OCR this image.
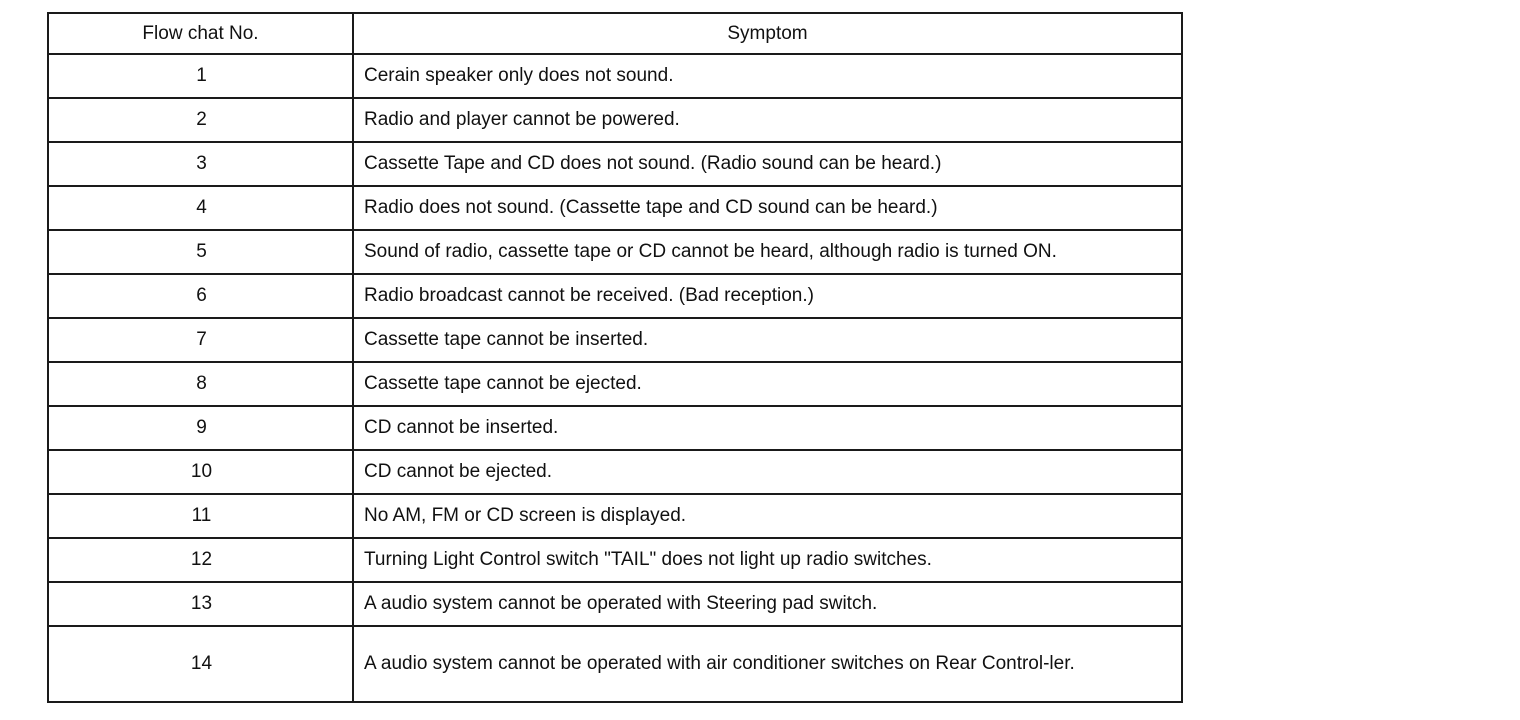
Flow chat No.	Symptom
1	Cerain speaker only does not sound.
2	Radio and player cannot be powered.
3	Cassette Tape and CD does not sound. (Radio sound can be heard.)
4	Radio does not sound. (Cassette tape and CD sound can be heard.)
5	Sound of radio, cassette tape or CD cannot be heard, although radio is turned ON.
6	Radio broadcast cannot be received. (Bad reception.)
7	Cassette tape cannot be inserted.
8	Cassette tape cannot be ejected.
9	CD cannot be inserted.
10	CD cannot be ejected.
11	No AM, FM or CD screen is displayed.
12	Turning Light Control switch "TAIL" does not light up radio switches.
13	A audio system cannot be operated with Steering pad switch.
14	A audio system cannot be operated with air conditioner switches on Rear Control-ler.
